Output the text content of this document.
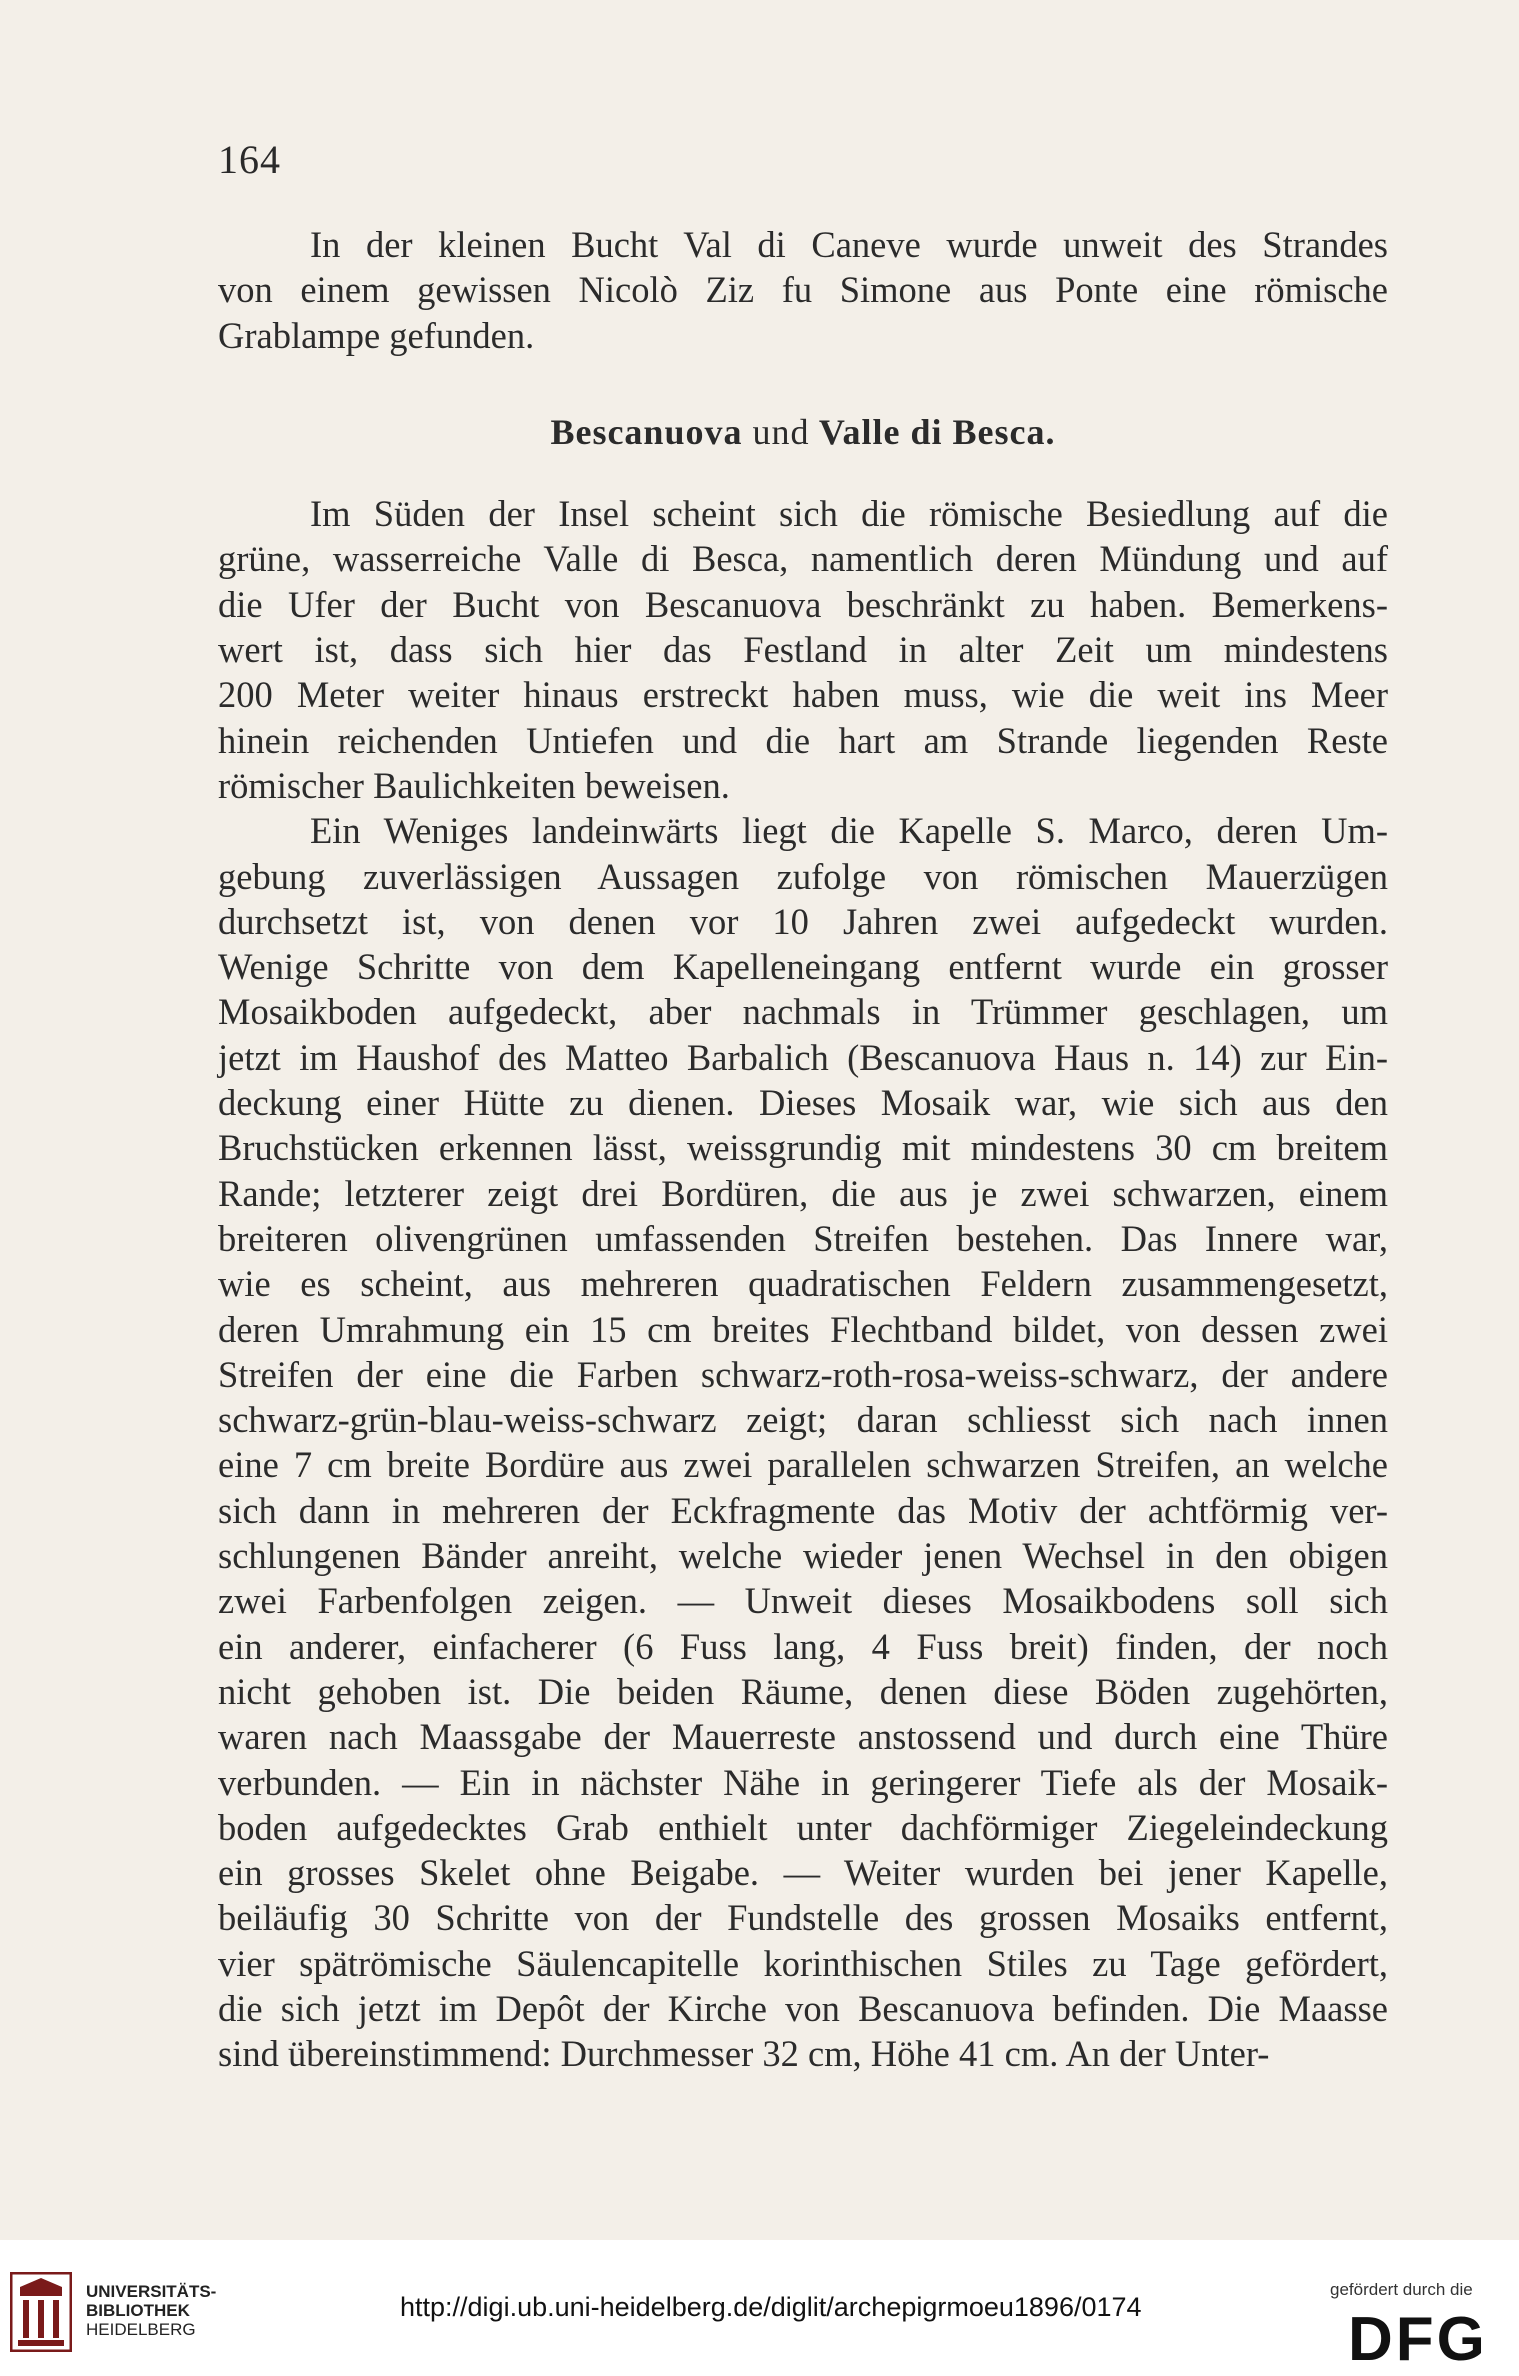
164
In der kleinen Bucht Val di Caneve wurde unweit des Strandes
von einem gewissen Nicolò Ziz fu Simone aus Ponte eine römische
Grablampe gefunden.
Bescanuova und Valle di Besca.
Im Süden der Insel scheint sich die römische Besiedlung auf die
grüne, wasserreiche Valle di Besca, namentlich deren Mündung und auf
die Ufer der Bucht von Bescanuova beschränkt zu haben. Bemerkens-
wert ist, dass sich hier das Festland in alter Zeit um mindestens
200 Meter weiter hinaus erstreckt haben muss, wie die weit ins Meer
hinein reichenden Untiefen und die hart am Strande liegenden Reste
römischer Baulichkeiten beweisen.
Ein Weniges landeinwärts liegt die Kapelle S. Marco, deren Um-
gebung zuverlässigen Aussagen zufolge von römischen Mauerzügen
durchsetzt ist, von denen vor 10 Jahren zwei aufgedeckt wurden.
Wenige Schritte von dem Kapelleneingang entfernt wurde ein grosser
Mosaikboden aufgedeckt, aber nachmals in Trümmer geschlagen, um
jetzt im Haushof des Matteo Barbalich (Bescanuova Haus n. 14) zur Ein-
deckung einer Hütte zu dienen. Dieses Mosaik war, wie sich aus den
Bruchstücken erkennen lässt, weissgrundig mit mindestens 30 cm breitem
Rande; letzterer zeigt drei Bordüren, die aus je zwei schwarzen, einem
breiteren olivengrünen umfassenden Streifen bestehen. Das Innere war,
wie es scheint, aus mehreren quadratischen Feldern zusammengesetzt,
deren Umrahmung ein 15 cm breites Flechtband bildet, von dessen zwei
Streifen der eine die Farben schwarz-roth-rosa-weiss-schwarz, der andere
schwarz-grün-blau-weiss-schwarz zeigt; daran schliesst sich nach innen
eine 7 cm breite Bordüre aus zwei parallelen schwarzen Streifen, an welche
sich dann in mehreren der Eckfragmente das Motiv der achtförmig ver-
schlungenen Bänder anreiht, welche wieder jenen Wechsel in den obigen
zwei Farbenfolgen zeigen. — Unweit dieses Mosaikbodens soll sich
ein anderer, einfacherer (6 Fuss lang, 4 Fuss breit) finden, der noch
nicht gehoben ist. Die beiden Räume, denen diese Böden zugehörten,
waren nach Maassgabe der Mauerreste anstossend und durch eine Thüre
verbunden. — Ein in nächster Nähe in geringerer Tiefe als der Mosaik-
boden aufgedecktes Grab enthielt unter dachförmiger Ziegeleindeckung
ein grosses Skelet ohne Beigabe. — Weiter wurden bei jener Kapelle,
beiläufig 30 Schritte von der Fundstelle des grossen Mosaiks entfernt,
vier spätrömische Säulencapitelle korinthischen Stiles zu Tage gefördert,
die sich jetzt im Depôt der Kirche von Bescanuova befinden. Die Maasse
sind übereinstimmend: Durchmesser 32 cm, Höhe 41 cm. An der Unter-
UNIVERSITÄTS-
BIBLIOTHEK
HEIDELBERG
http://digi.ub.uni-heidelberg.de/diglit/archepigrmoeu1896/0174
gefördert durch die
DFG
